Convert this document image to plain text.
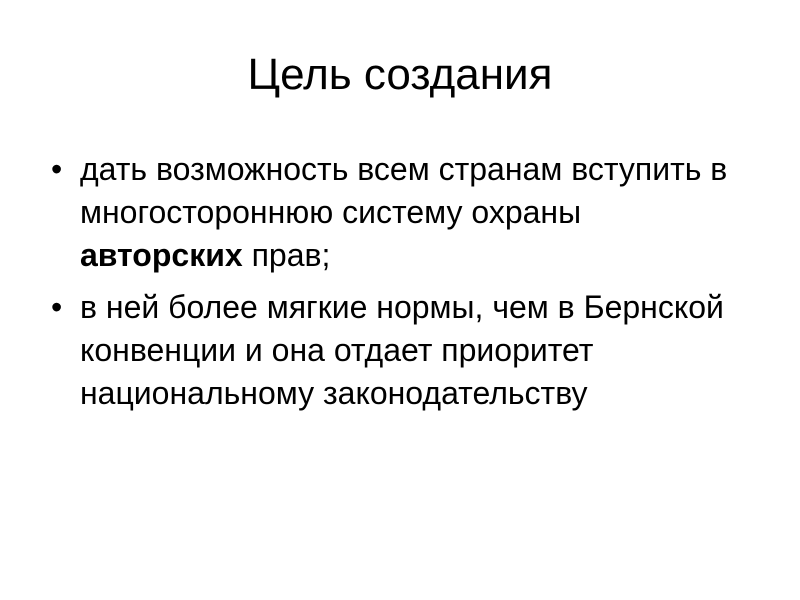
Цель создания
• дать возможность всем странам вступить в многостороннюю систему охраны авторских прав;
• в ней более мягкие нормы, чем в Бернской конвенции и она отдает приоритет национальному законодательству
